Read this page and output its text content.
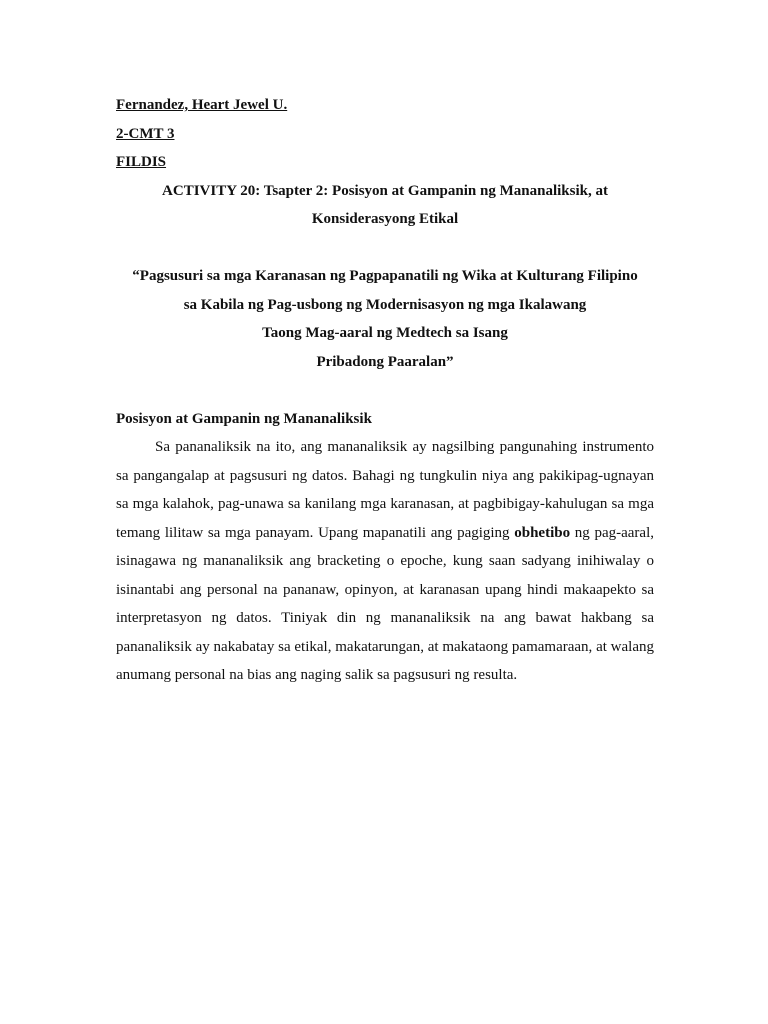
Fernandez, Heart Jewel U.

2-CMT 3

FILDIS

ACTIVITY 20: Tsapter 2: Posisyon at Gampanin ng Mananaliksik, at

Konsiderasyong Etikal

“Pagsusuri sa mga Karanasan ng Pagpapanatili ng Wika at Kulturang Filipino

sa Kabila ng Pag-usbong ng Modernisasyon ng mga Ikalawang

Taong Mag-aaral ng Medtech sa Isang

Pribadong Paaralan”

Posisyon at Gampanin ng Mananaliksik

Sa pananaliksik na ito, ang mananaliksik ay nagsilbing pangunahing instrumento sa pangangalap at pagsusuri ng datos. Bahagi ng tungkulin niya ang pakikipag-ugnayan sa mga kalahok, pag-unawa sa kanilang mga karanasan, at pagbibigay-kahulugan sa mga temang lilitaw sa mga panayam. Upang mapanatili ang pagiging obhetibo ng pag-aaral, isinagawa ng mananaliksik ang bracketing o epoche, kung saan sadyang inihiwalay o isinantabi ang personal na pananaw, opinyon, at karanasan upang hindi makaapekto sa interpretasyon ng datos. Tiniyak din ng mananaliksik na ang bawat hakbang sa pananaliksik ay nakabatay sa etikal, makatarungan, at makataong pamamaraan, at walang anumang personal na bias ang naging salik sa pagsusuri ng resulta.
